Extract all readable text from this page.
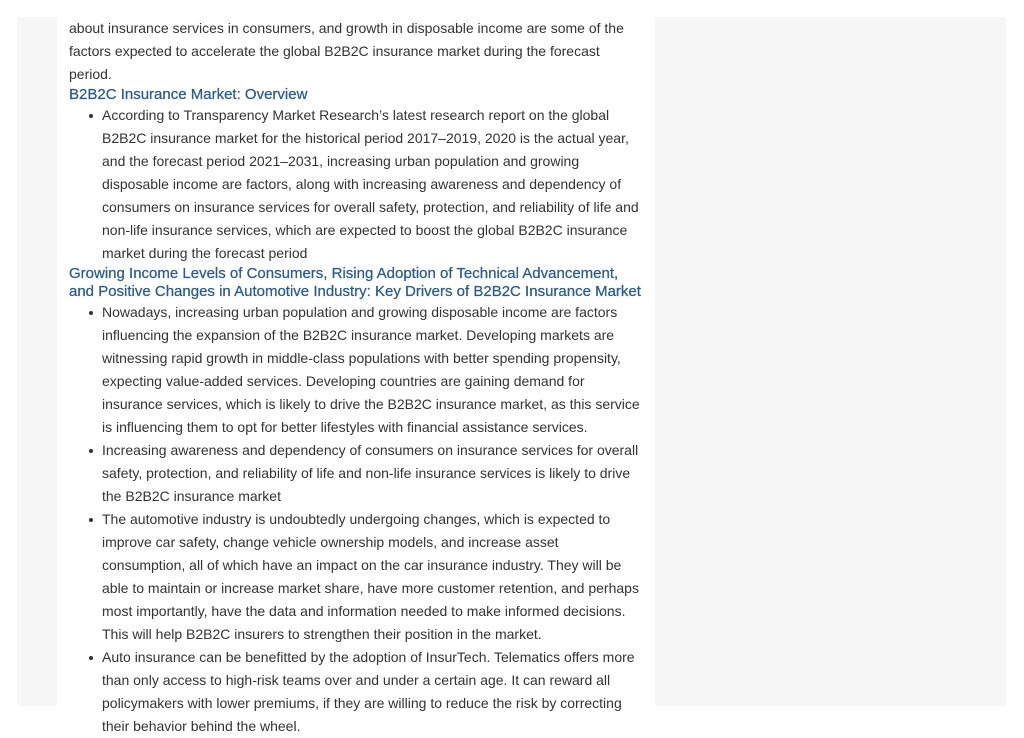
about insurance services in consumers, and growth in disposable income are some of the factors expected to accelerate the global B2B2C insurance market during the forecast period.

B2B2C Insurance Market: Overview
According to Transparency Market Research’s latest research report on the global B2B2C insurance market for the historical period 2017–2019, 2020 is the actual year, and the forecast period 2021–2031, increasing urban population and growing disposable income are factors, along with increasing awareness and dependency of consumers on insurance services for overall safety, protection, and reliability of life and non-life insurance services, which are expected to boost the global B2B2C insurance market during the forecast period
Growing Income Levels of Consumers, Rising Adoption of Technical Advancement, and Positive Changes in Automotive Industry: Key Drivers of B2B2C Insurance Market
Nowadays, increasing urban population and growing disposable income are factors influencing the expansion of the B2B2C insurance market. Developing markets are witnessing rapid growth in middle-class populations with better spending propensity, expecting value-added services. Developing countries are gaining demand for insurance services, which is likely to drive the B2B2C insurance market, as this service is influencing them to opt for better lifestyles with financial assistance services.
Increasing awareness and dependency of consumers on insurance services for overall safety, protection, and reliability of life and non-life insurance services is likely to drive the B2B2C insurance market
The automotive industry is undoubtedly undergoing changes, which is expected to improve car safety, change vehicle ownership models, and increase asset consumption, all of which have an impact on the car insurance industry. They will be able to maintain or increase market share, have more customer retention, and perhaps most importantly, have the data and information needed to make informed decisions. This will help B2B2C insurers to strengthen their position in the market.
Auto insurance can be benefitted by the adoption of InsurTech. Telematics offers more than only access to high-risk teams over and under a certain age. It can reward all policymakers with lower premiums, if they are willing to reduce the risk by correcting their behavior behind the wheel.
